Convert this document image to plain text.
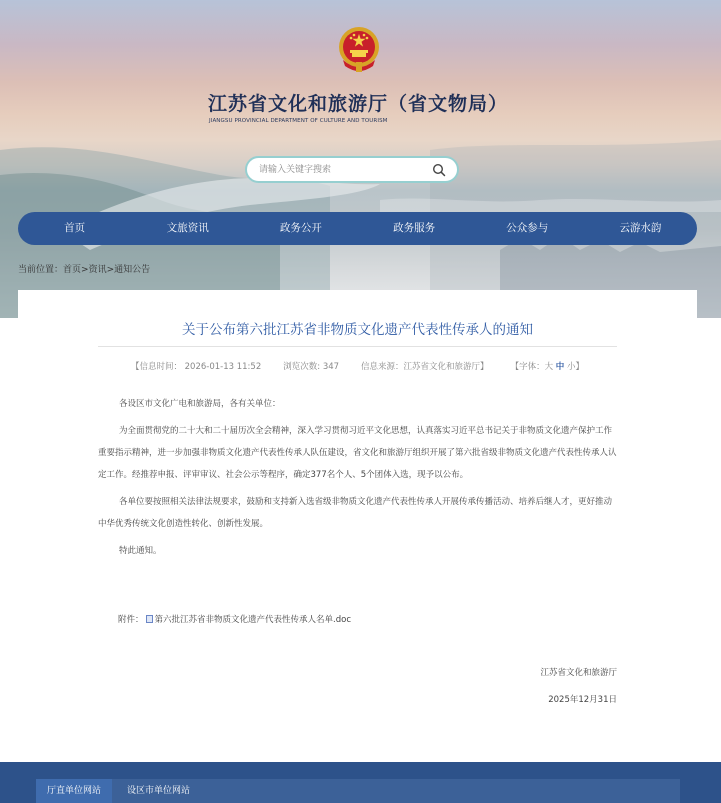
江苏省文化和旅游厅（省文物局）
JIANGSU PROVINCIAL DEPARTMENT OF CULTURE AND TOURISM
请输入关键字搜索
首页	文旅资讯	政务公开	政务服务	公众参与	云游水韵
当前位置：首页>资讯>通知公告
关于公布第六批江苏省非物质文化遗产代表性传承人的通知
【信息时间： 2026-01-13 11:52	浏览次数: 347	信息来源：江苏省文化和旅游厅】	【字体：大 中 小】

各设区市文化广电和旅游局，各有关单位：

为全面贯彻党的二十大和二十届历次全会精神，深入学习贯彻习近平文化思想，认真落实习近平总书记关于非物质文化遗产保护工作重要指示精神，进一步加强非物质文化遗产代表性传承人队伍建设，省文化和旅游厅组织开展了第六批省级非物质文化遗产代表性传承人认定工作。经推荐申报、评审审议、社会公示等程序，确定377名个人、5个团体入选，现予以公布。

各单位要按照相关法律法规要求，鼓励和支持新入选省级非物质文化遗产代表性传承人开展传承传播活动、培养后继人才，更好推动中华优秀传统文化创造性转化、创新性发展。

特此通知。

附件： 第六批江苏省非物质文化遗产代表性传承人名单.doc
江苏省文化和旅游厅
2025年12月31日
厅直单位网站	设区市单位网站
